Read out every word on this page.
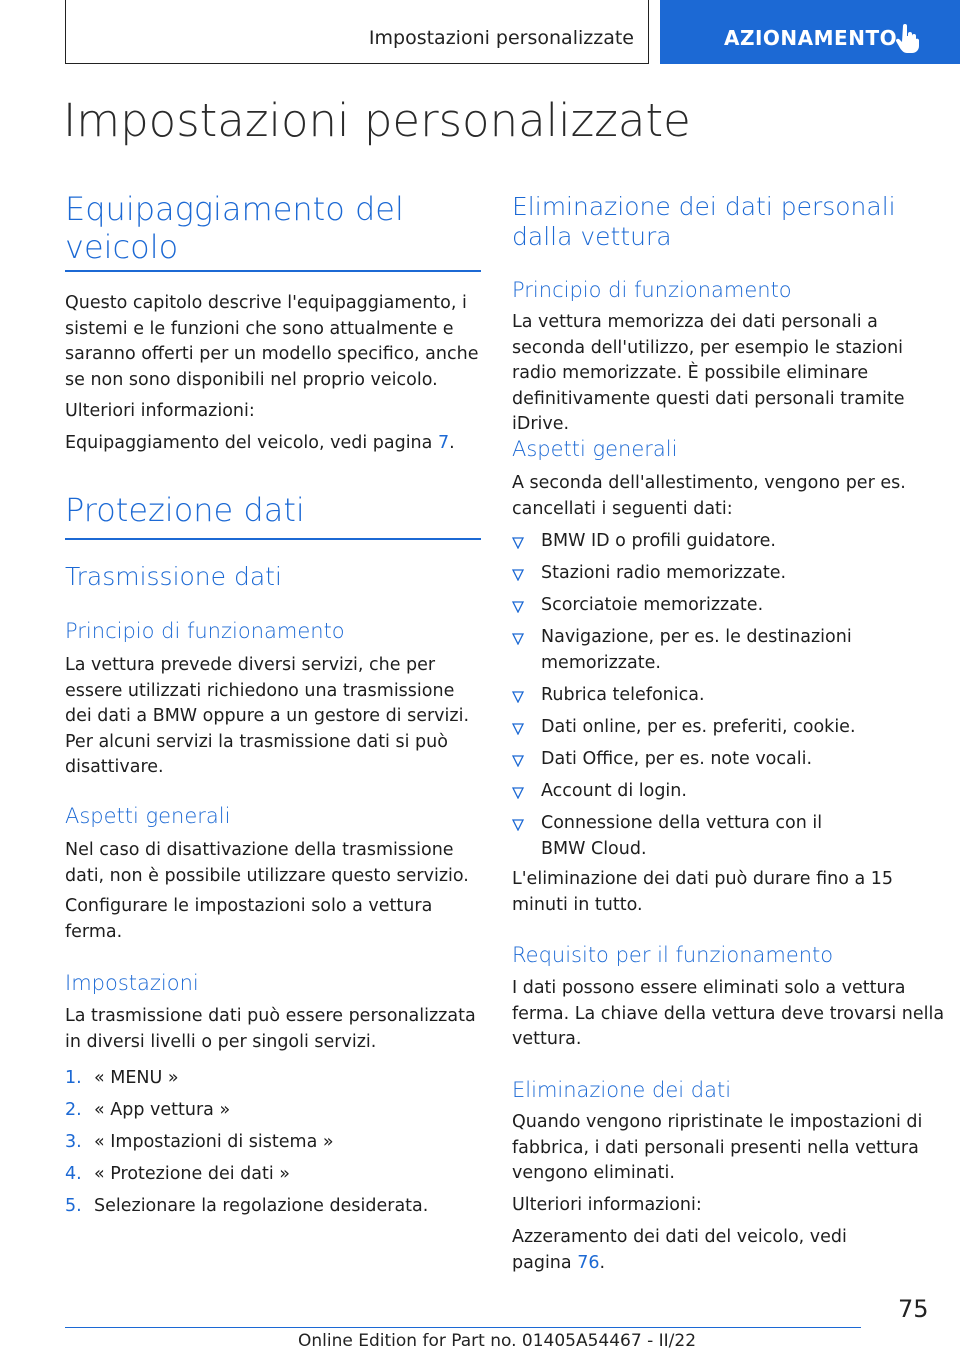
Impostazioni personalizzate	AZIONAMENTO
Impostazioni personalizzate
Equipaggiamento del veicolo

Questo capitolo descrive l'equipaggiamento, i sistemi e le funzioni che sono attualmente e saranno offerti per un modello specifico, anche se non sono disponibili nel proprio veicolo.

Ulteriori informazioni:

Equipaggiamento del veicolo, vedi pagina 7.

Protezione dati
Trasmissione dati
Principio di funzionamento

La vettura prevede diversi servizi, che per essere utilizzati richiedono una trasmissione dei dati a BMW oppure a un gestore di servizi. Per alcuni servizi la trasmissione dati si può disattivare.

Aspetti generali

Nel caso di disattivazione della trasmissione dati, non è possibile utilizzare questo servizio.

Configurare le impostazioni solo a vettura ferma.

Impostazioni

La trasmissione dati può essere personalizzata in diversi livelli o per singoli servizi.

1. « MENU »
2. « App vettura »
3. « Impostazioni di sistema »
4. « Protezione dei dati »
5. Selezionare la regolazione desiderata.
Eliminazione dei dati personali dalla vettura
Principio di funzionamento

La vettura memorizza dei dati personali a seconda dell'utilizzo, per esempio le stazioni radio memorizzate. È possibile eliminare definitivamente questi dati personali tramite iDrive.

Aspetti generali

A seconda dell'allestimento, vengono per es. cancellati i seguenti dati:

BMW ID o profili guidatore.
Stazioni radio memorizzate.
Scorciatoie memorizzate.
Navigazione, per es. le destinazioni memorizzate.
Rubrica telefonica.
Dati online, per es. preferiti, cookie.
Dati Office, per es. note vocali.
Account di login.
Connessione della vettura con il BMW Cloud.

L'eliminazione dei dati può durare fino a 15 minuti in tutto.

Requisito per il funzionamento

I dati possono essere eliminati solo a vettura ferma. La chiave della vettura deve trovarsi nella vettura.

Eliminazione dei dati

Quando vengono ripristinate le impostazioni di fabbrica, i dati personali presenti nella vettura vengono eliminati.

Ulteriori informazioni:

Azzeramento dei dati del veicolo, vedi pagina 76.

75
Online Edition for Part no. 01405A54467 - II/22
